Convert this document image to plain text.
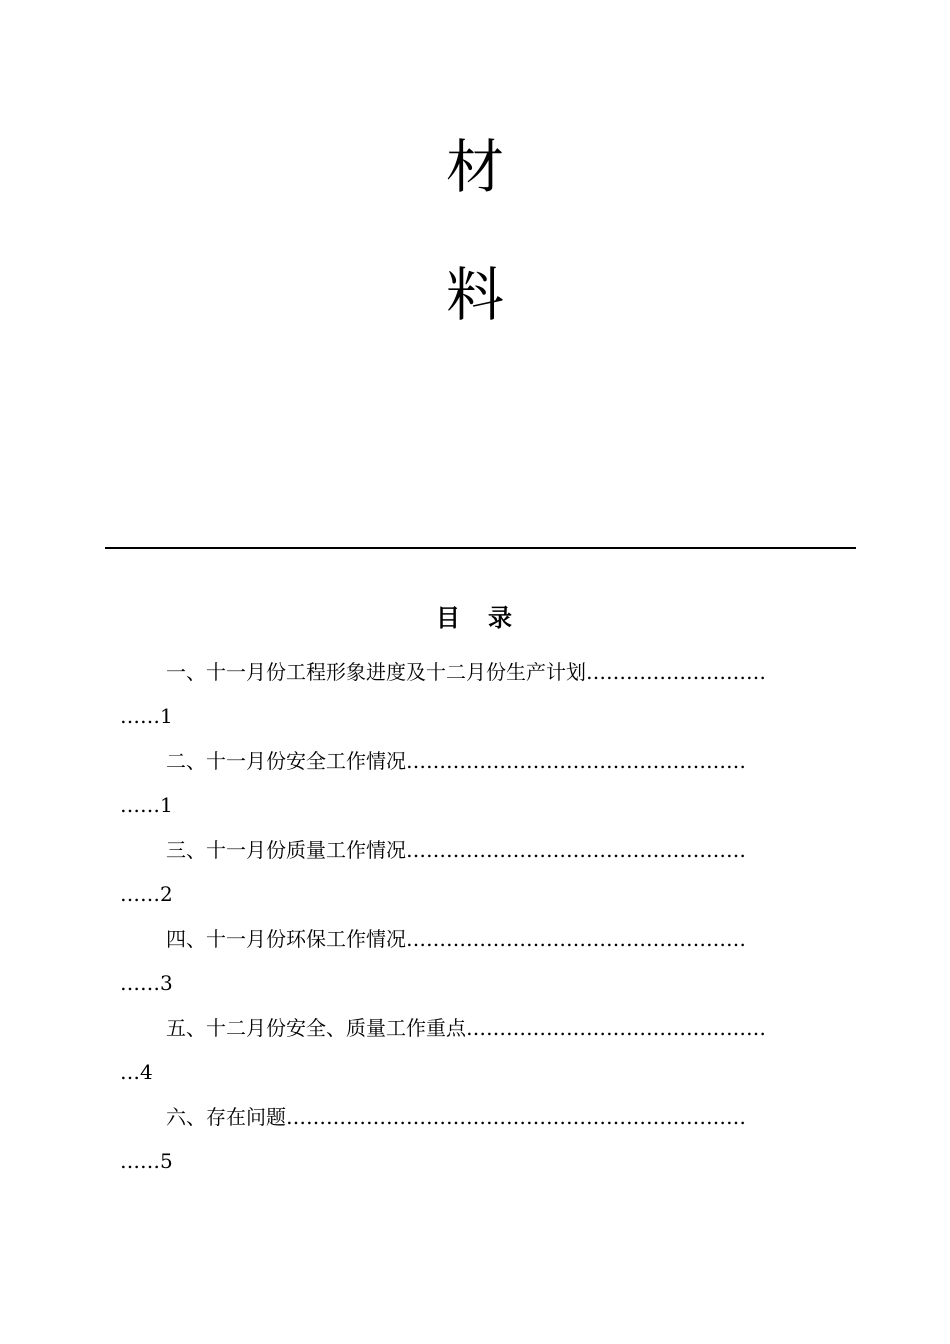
材
料
目　录
一、十一月份工程形象进度及十二月份生产计划………………………
……1
二、十一月份安全工作情况……………………………………………
……1
三、十一月份质量工作情况……………………………………………
……2
四、十一月份环保工作情况……………………………………………
……3
五、十二月份安全、质量工作重点………………………………………
…4
六、存在问题……………………………………………………………
……5
